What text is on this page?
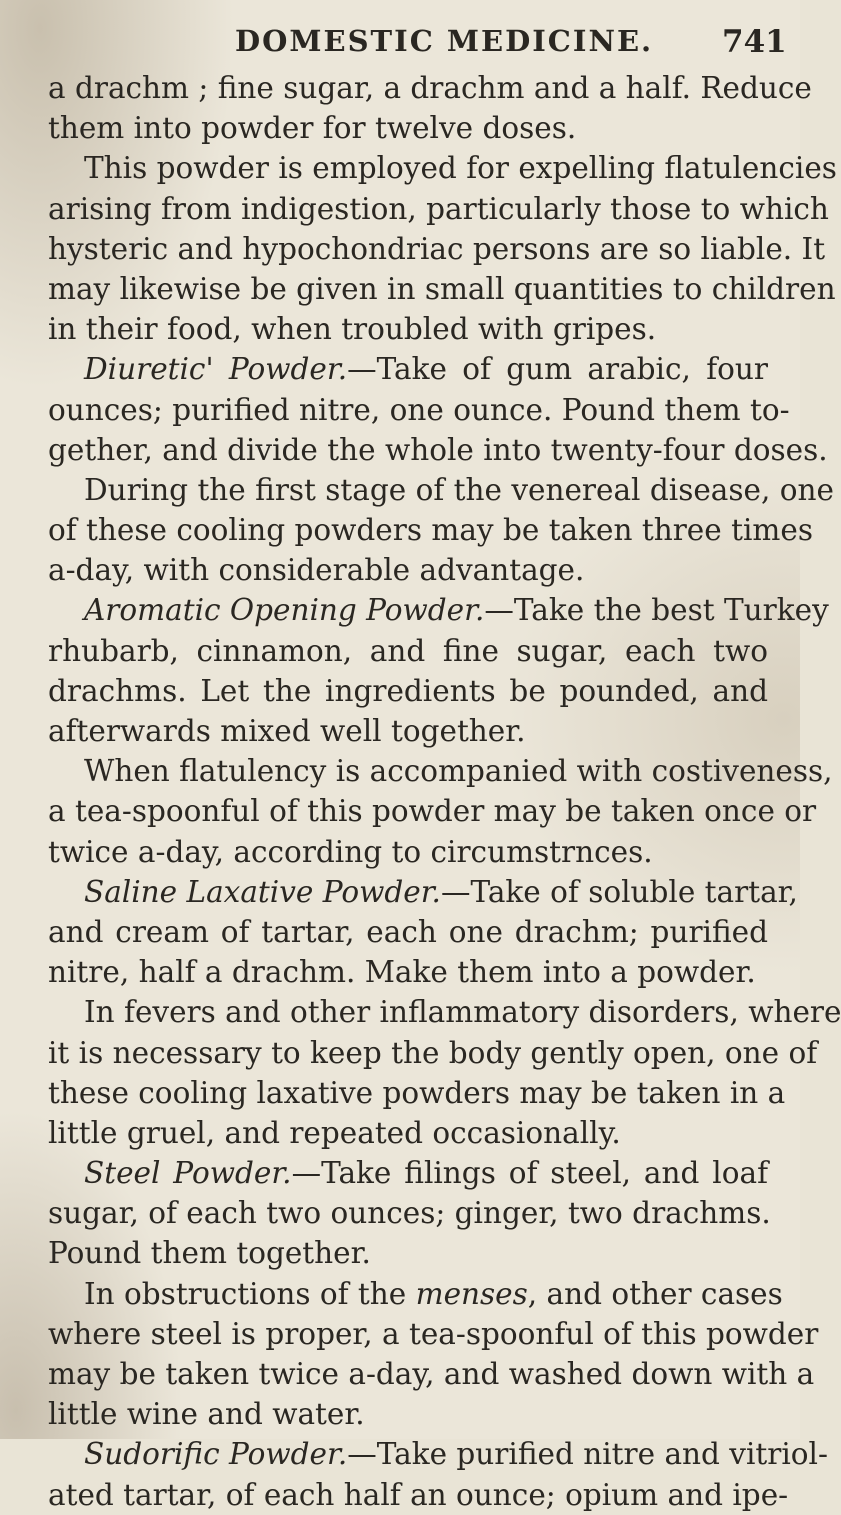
DOMESTIC MEDICINE. 741
a drachm ; fine sugar, a drachm and a half. Reduce
them into powder for twelve doses.
This powder is employed for expelling flatulencies
arising from indigestion, particularly those to which
hysteric and hypochondriac persons are so liable. It
may likewise be given in small quantities to children
in their food, when troubled with gripes.
Diuretic' Powder.—Take of gum arabic, four
ounces; purified nitre, one ounce. Pound them to-
gether, and divide the whole into twenty-four doses.
During the first stage of the venereal disease, one
of these cooling powders may be taken three times
a-day, with considerable advantage.
Aromatic Opening Powder.—Take the best Turkey
rhubarb, cinnamon, and fine sugar, each two
drachms. Let the ingredients be pounded, and
afterwards mixed well together.
When flatulency is accompanied with costiveness,
a tea-spoonful of this powder may be taken once or
twice a-day, according to circumstrnces.
Saline Laxative Powder.—Take of soluble tartar,
and cream of tartar, each one drachm; purified
nitre, half a drachm. Make them into a powder.
In fevers and other inflammatory disorders, where
it is necessary to keep the body gently open, one of
these cooling laxative powders may be taken in a
little gruel, and repeated occasionally.
Steel Powder.—Take filings of steel, and loaf
sugar, of each two ounces; ginger, two drachms.
Pound them together.
In obstructions of the menses, and other cases
where steel is proper, a tea-spoonful of this powder
may be taken twice a-day, and washed down with a
little wine and water.
Sudorific Powder.—Take purified nitre and vitriol-
ated tartar, of each half an ounce; opium and ipe-
